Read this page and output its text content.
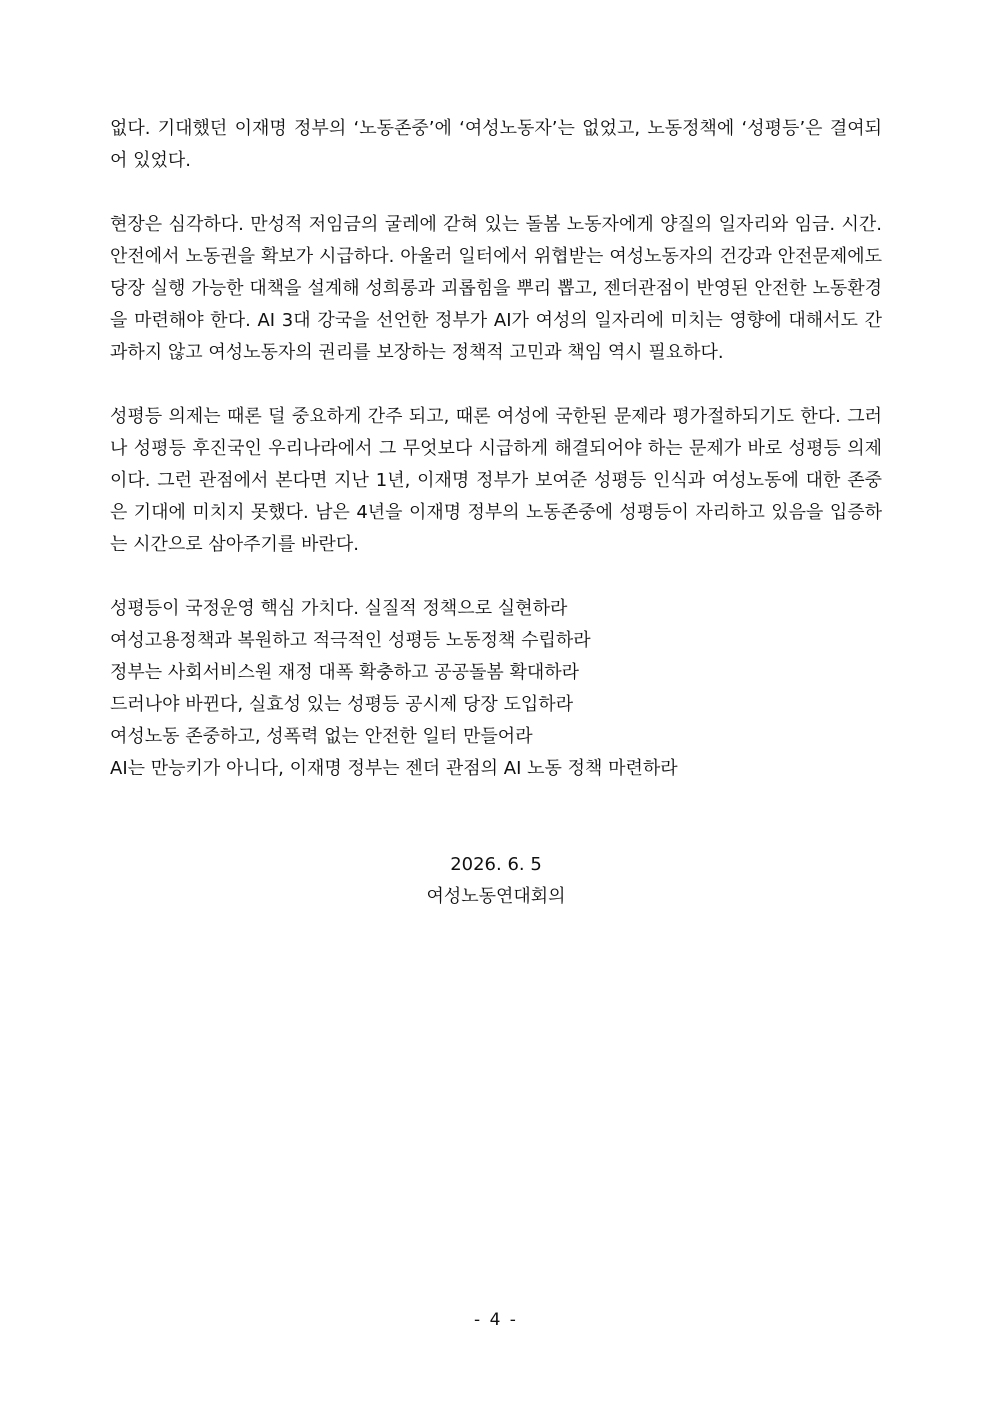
없다. 기대했던 이재명 정부의 ‘노동존중’에 ‘여성노동자’는 없었고, 노동정책에 ‘성평등’은 결여되어 있었다.

현장은 심각하다. 만성적 저임금의 굴레에 갇혀 있는 돌봄 노동자에게 양질의 일자리와 임금. 시간. 안전에서 노동권을 확보가 시급하다. 아울러 일터에서 위협받는 여성노동자의 건강과 안전문제에도 당장 실행 가능한 대책을 설계해 성희롱과 괴롭힘을 뿌리 뽑고, 젠더관점이 반영된 안전한 노동환경을 마련해야 한다. AI 3대 강국을 선언한 정부가 AI가 여성의 일자리에 미치는 영향에 대해서도 간과하지 않고 여성노동자의 권리를 보장하는 정책적 고민과 책임 역시 필요하다.

성평등 의제는 때론 덜 중요하게 간주 되고, 때론 여성에 국한된 문제라 평가절하되기도 한다. 그러나 성평등 후진국인 우리나라에서 그 무엇보다 시급하게 해결되어야 하는 문제가 바로 성평등 의제이다. 그런 관점에서 본다면 지난 1년, 이재명 정부가 보여준 성평등 인식과 여성노동에 대한 존중은 기대에 미치지 못했다. 남은 4년을 이재명 정부의 노동존중에 성평등이 자리하고 있음을 입증하는 시간으로 삼아주기를 바란다.

성평등이 국정운영 핵심 가치다. 실질적 정책으로 실현하라
여성고용정책과 복원하고 적극적인 성평등 노동정책 수립하라
정부는 사회서비스원 재정 대폭 확충하고 공공돌봄 확대하라
드러나야 바뀐다, 실효성 있는 성평등 공시제 당장 도입하라
여성노동 존중하고, 성폭력 없는 안전한 일터 만들어라
AI는 만능키가 아니다, 이재명 정부는 젠더 관점의 AI 노동 정책 마련하라
2026. 6. 5
여성노동연대회의
- 4 -
